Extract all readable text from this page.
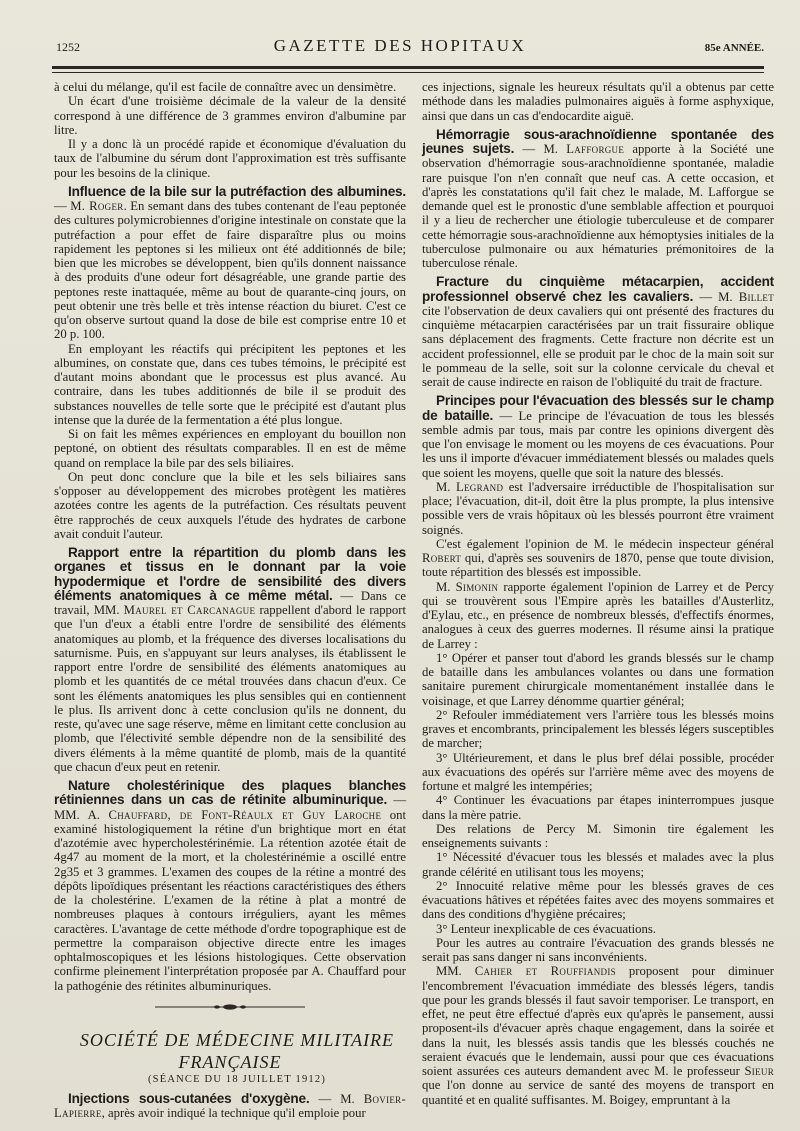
1252	GAZETTE DES HOPITAUX	85e ANNÉE.

à celui du mélange, qu'il est facile de connaître avec un densimètre.

Un écart d'une troisième décimale de la valeur de la densité correspond à une différence de 3 grammes environ d'albumine par litre.

Il y a donc là un procédé rapide et économique d'évaluation du taux de l'albumine du sérum dont l'approximation est très suffisante pour les besoins de la clinique.

Influence de la bile sur la putréfaction des albumines. — M. Roger. En semant dans des tubes contenant de l'eau peptonée des cultures polymicrobiennes d'origine intestinale on constate que la putréfaction a pour effet de faire disparaître plus ou moins rapidement les peptones si les milieux ont été additionnés de bile; bien que les microbes se développent, bien qu'ils donnent naissance à des produits d'une odeur fort désagréable, une grande partie des peptones reste inattaquée, même au bout de quarante-cinq jours, on peut obtenir une très belle et très intense réaction du biuret. C'est ce qu'on observe surtout quand la dose de bile est comprise entre 10 et 20 p. 100.

En employant les réactifs qui précipitent les peptones et les albumines, on constate que, dans ces tubes témoins, le précipité est d'autant moins abondant que le processus est plus avancé. Au contraire, dans les tubes additionnés de bile il se produit des substances nouvelles de telle sorte que le précipité est d'autant plus intense que la durée de la fermentation a été plus longue.

Si on fait les mêmes expériences en employant du bouillon non peptoné, on obtient des résultats comparables. Il en est de même quand on remplace la bile par des sels biliaires.

On peut donc conclure que la bile et les sels biliaires sans s'opposer au développement des microbes protègent les matières azotées contre les agents de la putréfaction. Ces résultats peuvent être rapprochés de ceux auxquels l'étude des hydrates de carbone avait conduit l'auteur.

Rapport entre la répartition du plomb dans les organes et tissus en le donnant par la voie hypodermique et l'ordre de sensibilité des divers éléments anatomiques à ce même métal. — Dans ce travail, MM. Maurel et Carcanague rappellent d'abord le rapport que l'un d'eux a établi entre l'ordre de sensibilité des éléments anatomiques au plomb, et la fréquence des diverses localisations du saturnisme. Puis, en s'appuyant sur leurs analyses, ils établissent le rapport entre l'ordre de sensibilité des éléments anatomiques au plomb et les quantités de ce métal trouvées dans chacun d'eux. Ce sont les éléments anatomiques les plus sensibles qui en contiennent le plus. Ils arrivent donc à cette conclusion qu'ils ne donnent, du reste, qu'avec une sage réserve, même en limitant cette conclusion au plomb, que l'électivité semble dépendre non de la sensibilité des divers éléments à la même quantité de plomb, mais de la quantité que chacun d'eux peut en retenir.

Nature cholestérinique des plaques blanches rétiniennes dans un cas de rétinite albuminurique. — MM. A. Chauffard, de Font-Réaulx et Guy Laroche ont examiné histologiquement la rétine d'un brightique mort en état d'azotémie avec hypercholestérinémie. La rétention azotée était de 4g47 au moment de la mort, et la cholestérinémie a oscillé entre 2g35 et 3 grammes. L'examen des coupes de la rétine a montré des dépôts lipoïdiques présentant les réactions caractéristiques des éthers de la cholestérine. L'examen de la rétine à plat a montré de nombreuses plaques à contours irréguliers, ayant les mêmes caractères. L'avantage de cette méthode d'ordre topographique est de permettre la comparaison objective directe entre les images ophtalmoscopiques et les lésions histologiques. Cette observation confirme pleinement l'interprétation proposée par A. Chauffard pour la pathogénie des rétinites albuminuriques.

SOCIÉTÉ DE MÉDECINE MILITAIRE FRANÇAISE

(SÉANCE DU 18 JUILLET 1912)

Injections sous-cutanées d'oxygène. — M. Bovier-Lapierre, après avoir indiqué la technique qu'il emploie pour

ces injections, signale les heureux résultats qu'il a obtenus par cette méthode dans les maladies pulmonaires aiguës à forme asphyxique, ainsi que dans un cas d'endocardite aiguë.

Hémorragie sous-arachnoïdienne spontanée des jeunes sujets. — M. Lafforgue apporte à la Société une observation d'hémorragie sous-arachnoïdienne spontanée, maladie rare puisque l'on n'en connaît que neuf cas. A cette occasion, et d'après les constatations qu'il fait chez le malade, M. Lafforgue se demande quel est le pronostic d'une semblable affection et pourquoi il y a lieu de rechercher une étiologie tuberculeuse et de comparer cette hémorragie sous-arachnoïdienne aux hémoptysies initiales de la tuberculose pulmonaire ou aux hématuries prémonitoires de la tuberculose rénale.

Fracture du cinquième métacarpien, accident professionnel observé chez les cavaliers. — M. Billet cite l'observation de deux cavaliers qui ont présenté des fractures du cinquième métacarpien caractérisées par un trait fissuraire oblique sans déplacement des fragments. Cette fracture non décrite est un accident professionnel, elle se produit par le choc de la main soit sur le pommeau de la selle, soit sur la colonne cervicale du cheval et serait de cause indirecte en raison de l'obliquité du trait de fracture.

Principes pour l'évacuation des blessés sur le champ de bataille. — Le principe de l'évacuation de tous les blessés semble admis par tous, mais par contre les opinions divergent dès que l'on envisage le moment ou les moyens de ces évacuations. Pour les uns il importe d'évacuer immédiatement blessés ou malades quels que soient les moyens, quelle que soit la nature des blessés.

M. Legrand est l'adversaire irréductible de l'hospitalisation sur place; l'évacuation, dit-il, doit être la plus prompte, la plus intensive possible vers de vrais hôpitaux où les blessés pourront être vraiment soignés.

C'est également l'opinion de M. le médecin inspecteur général Robert qui, d'après ses souvenirs de 1870, pense que toute division, toute répartition des blessés est impossible.

M. Simonin rapporte également l'opinion de Larrey et de Percy qui se trouvèrent sous l'Empire après les batailles d'Austerlitz, d'Eylau, etc., en présence de nombreux blessés, d'effectifs énormes, analogues à ceux des guerres modernes. Il résume ainsi la pratique de Larrey :

1° Opérer et panser tout d'abord les grands blessés sur le champ de bataille dans les ambulances volantes ou dans une formation sanitaire purement chirurgicale momentanément installée dans le voisinage, et que Larrey dénomme quartier général;

2° Refouler immédiatement vers l'arrière tous les blessés moins graves et encombrants, principalement les blessés légers susceptibles de marcher;

3° Ultérieurement, et dans le plus bref délai possible, procéder aux évacuations des opérés sur l'arrière même avec des moyens de fortune et malgré les intempéries;

4° Continuer les évacuations par étapes ininterrompues jusque dans la mère patrie.

Des relations de Percy M. Simonin tire également les enseignements suivants :

1° Nécessité d'évacuer tous les blessés et malades avec la plus grande célérité en utilisant tous les moyens;

2° Innocuité relative même pour les blessés graves de ces évacuations hâtives et répétées faites avec des moyens sommaires et dans des conditions d'hygiène précaires;

3° Lenteur inexplicable de ces évacuations.

Pour les autres au contraire l'évacuation des grands blessés ne serait pas sans danger ni sans inconvénients.

MM. Cahier et Rouffiandis proposent pour diminuer l'encombrement l'évacuation immédiate des blessés légers, tandis que pour les grands blessés il faut savoir temporiser. Le transport, en effet, ne peut être effectué d'après eux qu'après le pansement, aussi proposent-ils d'évacuer après chaque engagement, dans la soirée et dans la nuit, les blessés assis tandis que les blessés couchés ne seraient évacués que le lendemain, aussi pour que ces évacuations soient assurées ces auteurs demandent avec M. le professeur Sieur que l'on donne au service de santé des moyens de transport en quantité et en qualité suffisantes. M. Boigey, empruntant à la
